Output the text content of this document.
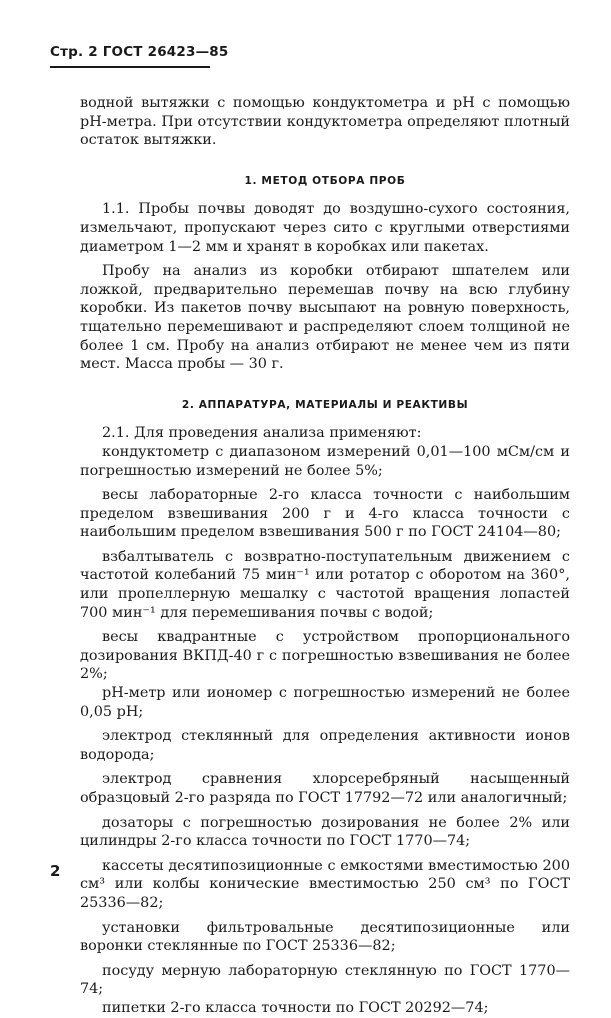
Стр. 2 ГОСТ 26423—85

водной вытяжки с помощью кондуктометра и pH с помощью pH-метра. При отсутствии кондуктометра определяют плотный остаток вытяжки.

1. МЕТОД ОТБОРА ПРОБ

1.1. Пробы почвы доводят до воздушно-сухого состояния, измельчают, пропускают через сито с круглыми отверстиями диаметром 1—2 мм и хранят в коробках или пакетах.

Пробу на анализ из коробки отбирают шпателем или ложкой, предварительно перемешав почву на всю глубину коробки. Из пакетов почву высыпают на ровную поверхность, тщательно перемешивают и распределяют слоем толщиной не более 1 см. Пробу на анализ отбирают не менее чем из пяти мест. Масса пробы — 30 г.

2. АППАРАТУРА, МАТЕРИАЛЫ И РЕАКТИВЫ

2.1. Для проведения анализа применяют:

кондуктометр с диапазоном измерений 0,01—100 мСм/см и погрешностью измерений не более 5%;

весы лабораторные 2-го класса точности с наибольшим пределом взвешивания 200 г и 4-го класса точности с наибольшим пределом взвешивания 500 г по ГОСТ 24104—80;

взбалтыватель с возвратно-поступательным движением с частотой колебаний 75 мин⁻¹ или ротатор с оборотом на 360°, или пропеллерную мешалку с частотой вращения лопастей 700 мин⁻¹ для перемешивания почвы с водой;

весы квадрантные с устройством пропорционального дозирования ВКПД-40 г с погрешностью взвешивания не более 2%;

pH-метр или иономер с погрешностью измерений не более 0,05 pH;

электрод стеклянный для определения активности ионов водорода;

электрод сравнения хлорсеребряный насыщенный образцовый 2-го разряда по ГОСТ 17792—72 или аналогичный;

дозаторы с погрешностью дозирования не более 2% или цилиндры 2-го класса точности по ГОСТ 1770—74;

кассеты десятипозиционные с емкостями вместимостью 200 см³ или колбы конические вместимостью 250 см³ по ГОСТ 25336—82;

установки фильтровальные десятипозиционные или воронки стеклянные по ГОСТ 25336—82;

посуду мерную лабораторную стеклянную по ГОСТ 1770—74;

пипетки 2-го класса точности по ГОСТ 20292—74;

2
